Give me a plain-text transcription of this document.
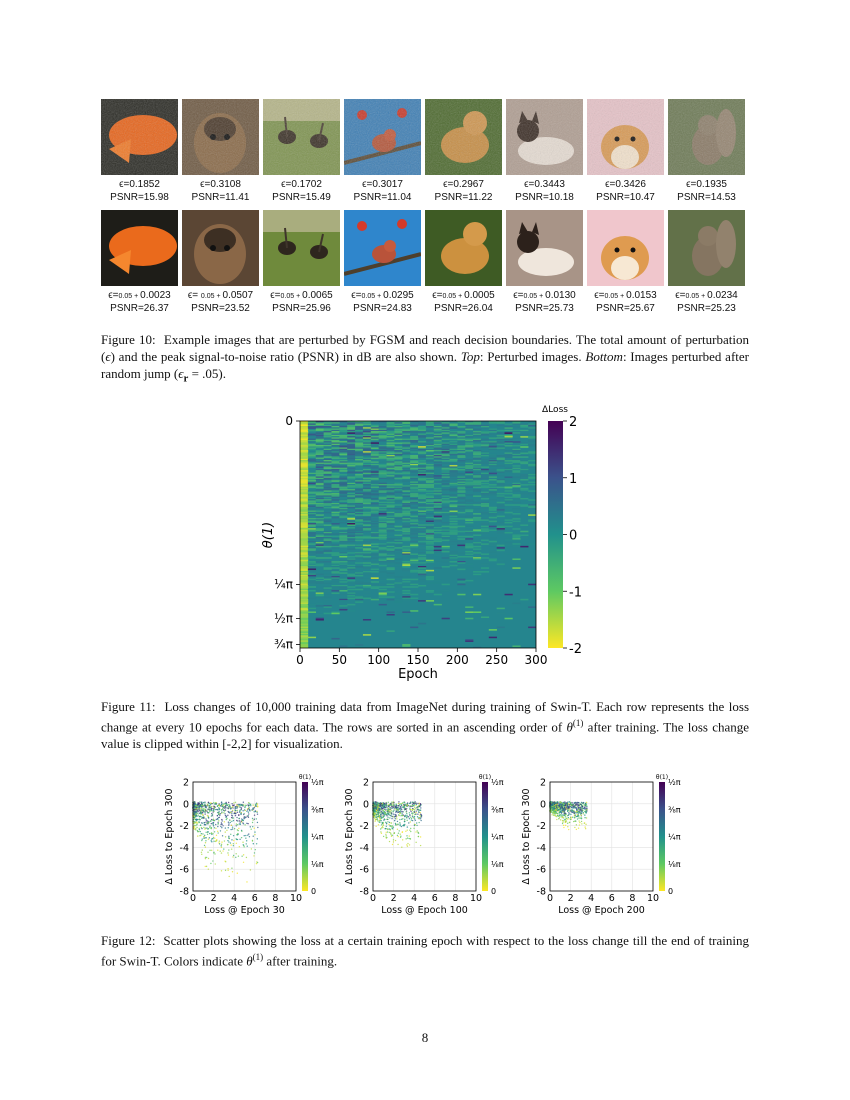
ϵ=0.1852
PSNR=15.98
ϵ=0.3108
PSNR=11.41
ϵ=0.1702
PSNR=15.49
ϵ=0.3017
PSNR=11.04
ϵ=0.2967
PSNR=11.22
ϵ=0.3443
PSNR=10.18
ϵ=0.3426
PSNR=10.47
ϵ=0.1935
PSNR=14.53
ϵ=0.05 + 0.0023
PSNR=26.37
ϵ= 0.05 + 0.0507
PSNR=23.52
ϵ=0.05 + 0.0065
PSNR=25.96
ϵ=0.05 + 0.0295
PSNR=24.83
ϵ=0.05 + 0.0005
PSNR=26.04
ϵ=0.05 + 0.0130
PSNR=25.73
ϵ=0.05 + 0.0153
PSNR=25.67
ϵ=0.05 + 0.0234
PSNR=25.23
Figure 10: Example images that are perturbed by FGSM and reach decision boundaries. The total amount of perturbation (ϵ) and the peak signal-to-noise ratio (PSNR) in dB are also shown. Top: Perturbed images. Bottom: Images perturbed after random jump $(\epsilon_r = .05)$.
0 50 100 150 200 250 300
0
¼π
½π
¾π
Epoch
θ(1)
2
1
0
-1
-2
ΔLoss
Figure 11: Loss changes of 10,000 training data from ImageNet during training of Swin-T. Each row represents the loss change at every 10 epochs for each data. The rows are sorted in an ascending order of $\theta^{(1)}$ after training. The loss change value is clipped within [-2,2] for visualization.
0 2 4 6 8 10
2
0
-2
-4
-6
-8
Loss @ Epoch 30
Δ Loss to Epoch 300
θ(1)
½π
⅜π
¼π
⅛π
0
0 2 4 6 8 10
2
0
-2
-4
-6
-8
Loss @ Epoch 100
Δ Loss to Epoch 300
θ(1)
½π
⅜π
¼π
⅛π
0
0 2 4 6 8 10
2
0
-2
-4
-6
-8
Loss @ Epoch 200
Δ Loss to Epoch 300
θ(1)
½π
⅜π
¼π
⅛π
0
Figure 12: Scatter plots showing the loss at a certain training epoch with respect to the loss change till the end of training for Swin-T. Colors indicate $\theta^{(1)}$ after training.
8
